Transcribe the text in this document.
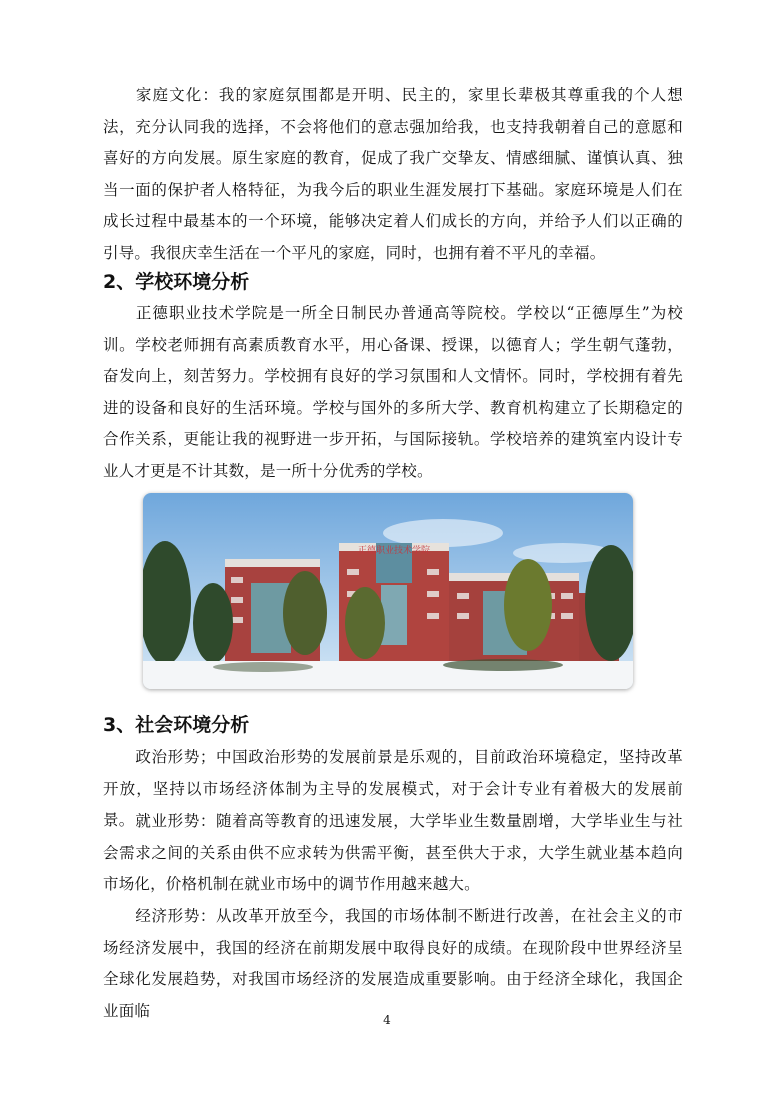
家庭文化：我的家庭氛围都是开明、民主的，家里长辈极其尊重我的个人想法，充分认同我的选择，不会将他们的意志强加给我，也支持我朝着自己的意愿和喜好的方向发展。原生家庭的教育，促成了我广交挚友、情感细腻、谨慎认真、独当一面的保护者人格特征，为我今后的职业生涯发展打下基础。家庭环境是人们在成长过程中最基本的一个环境，能够决定着人们成长的方向，并给予人们以正确的引导。我很庆幸生活在一个平凡的家庭，同时，也拥有着不平凡的幸福。

2、学校环境分析

正德职业技术学院是一所全日制民办普通高等院校。学校以“正德厚生”为校训。学校老师拥有高素质教育水平，用心备课、授课，以德育人；学生朝气蓬勃，奋发向上，刻苦努力。学校拥有良好的学习氛围和人文情怀。同时，学校拥有着先进的设备和良好的生活环境。学校与国外的多所大学、教育机构建立了长期稳定的合作关系，更能让我的视野进一步开拓，与国际接轨。学校培养的建筑室内设计专业人才更是不计其数，是一所十分优秀的学校。

正德职业技术学院
3、社会环境分析

政治形势；中国政治形势的发展前景是乐观的，目前政治环境稳定，坚持改革开放，坚持以市场经济体制为主导的发展模式，对于会计专业有着极大的发展前景。 就业形势：随着高等教育的迅速发展，大学毕业生数量剧增，大学毕业生与社会需求之间的关系由供不应求转为供需平衡，甚至供大于求，大学生就业基本趋向市场化，价格机制在就业市场中的调节作用越来越大。

经济形势：从改革开放至今，我国的市场体制不断进行改善，在社会主义的市场经济发展中，我国的经济在前期发展中取得良好的成绩。在现阶段中世界经济呈全球化发展趋势，对我国市场经济的发展造成重要影响。由于经济全球化，我国企业面临

4
